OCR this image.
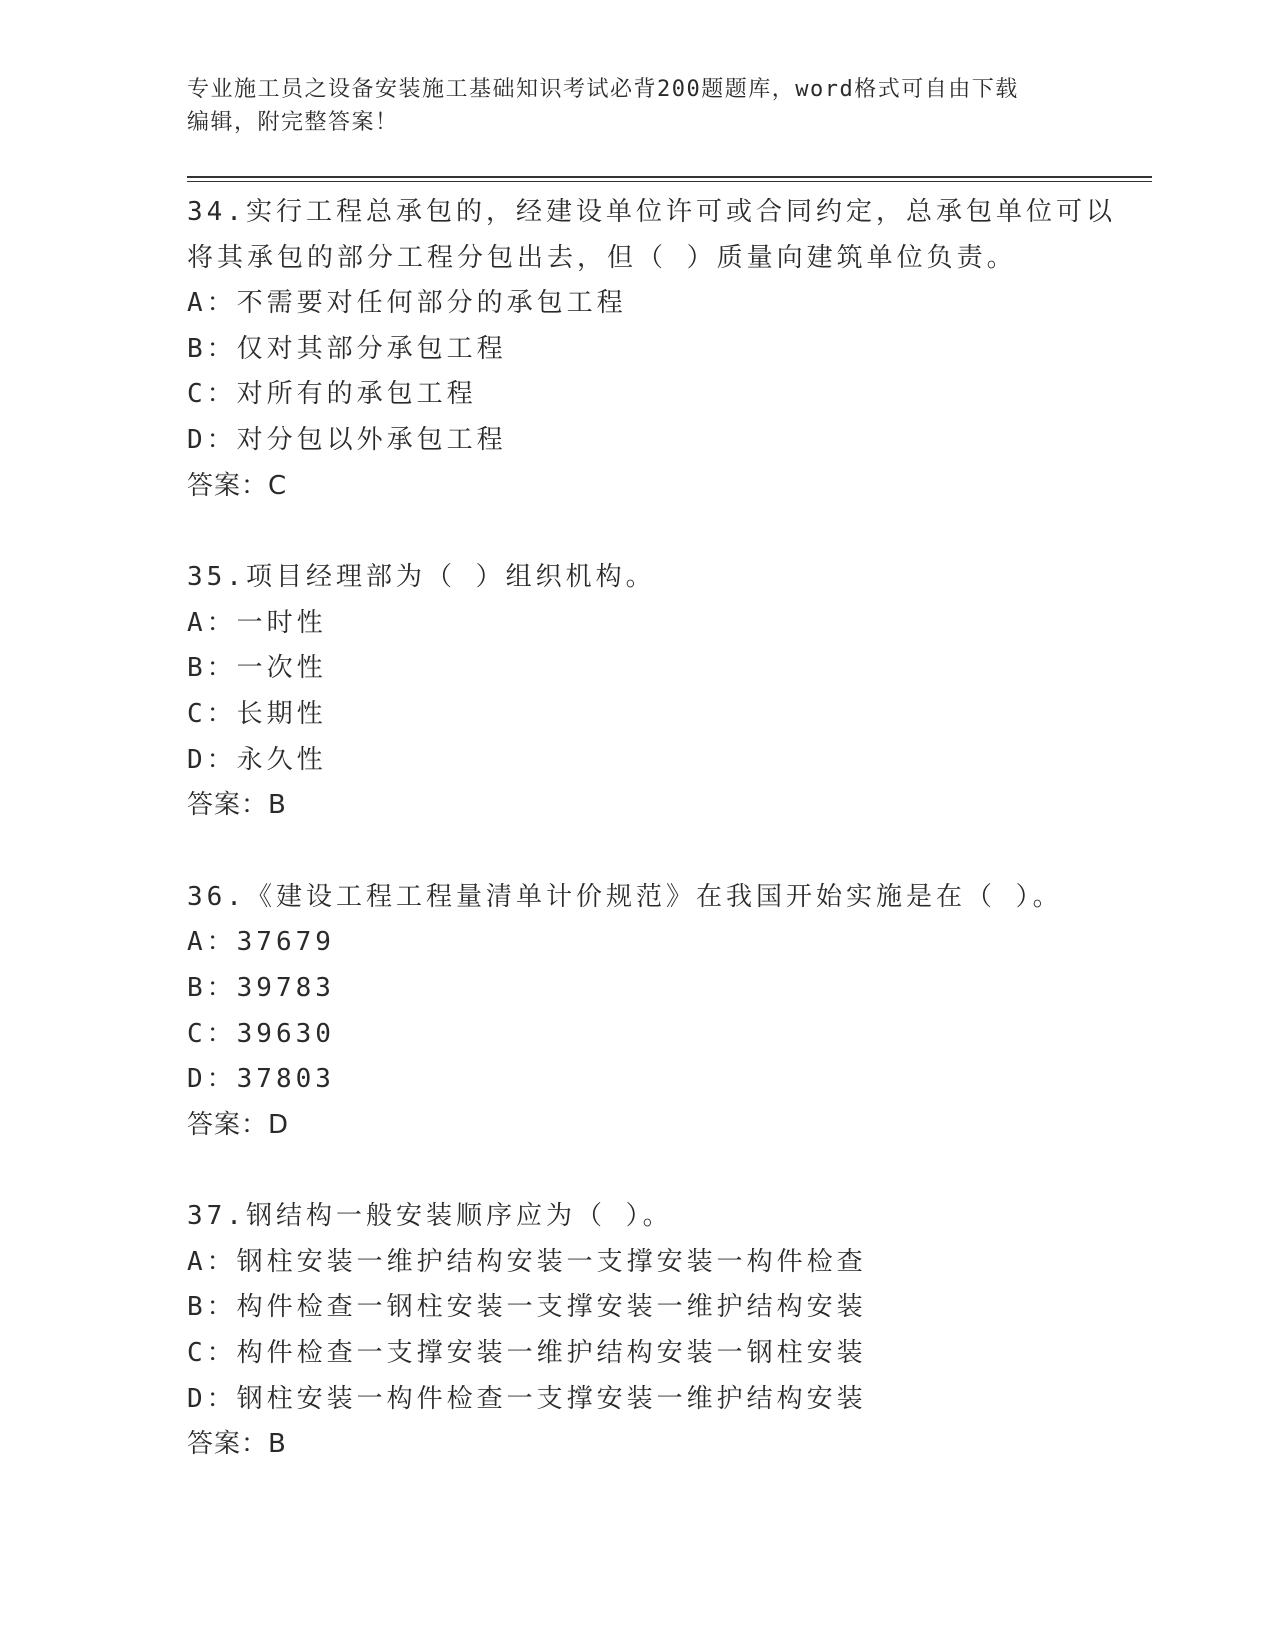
专业施工员之设备安装施工基础知识考试必背200题题库，word格式可自由下载
编辑，附完整答案！
34.实行工程总承包的，经建设单位许可或合同约定，总承包单位可以
将其承包的部分工程分包出去，但（ ）质量向建筑单位负责。
A：不需要对任何部分的承包工程
B：仅对其部分承包工程
C：对所有的承包工程
D：对分包以外承包工程
答案：C
35.项目经理部为（ ）组织机构。
A：一时性
B：一次性
C：长期性
D：永久性
答案：B
36.《建设工程工程量清单计价规范》在我国开始实施是在（ ）。
A：37679
B：39783
C：39630
D：37803
答案：D
37.钢结构一般安装顺序应为（ ）。
A：钢柱安装一维护结构安装一支撑安装一构件检查
B：构件检查一钢柱安装一支撑安装一维护结构安装
C：构件检查一支撑安装一维护结构安装一钢柱安装
D：钢柱安装一构件检查一支撑安装一维护结构安装
答案：B
